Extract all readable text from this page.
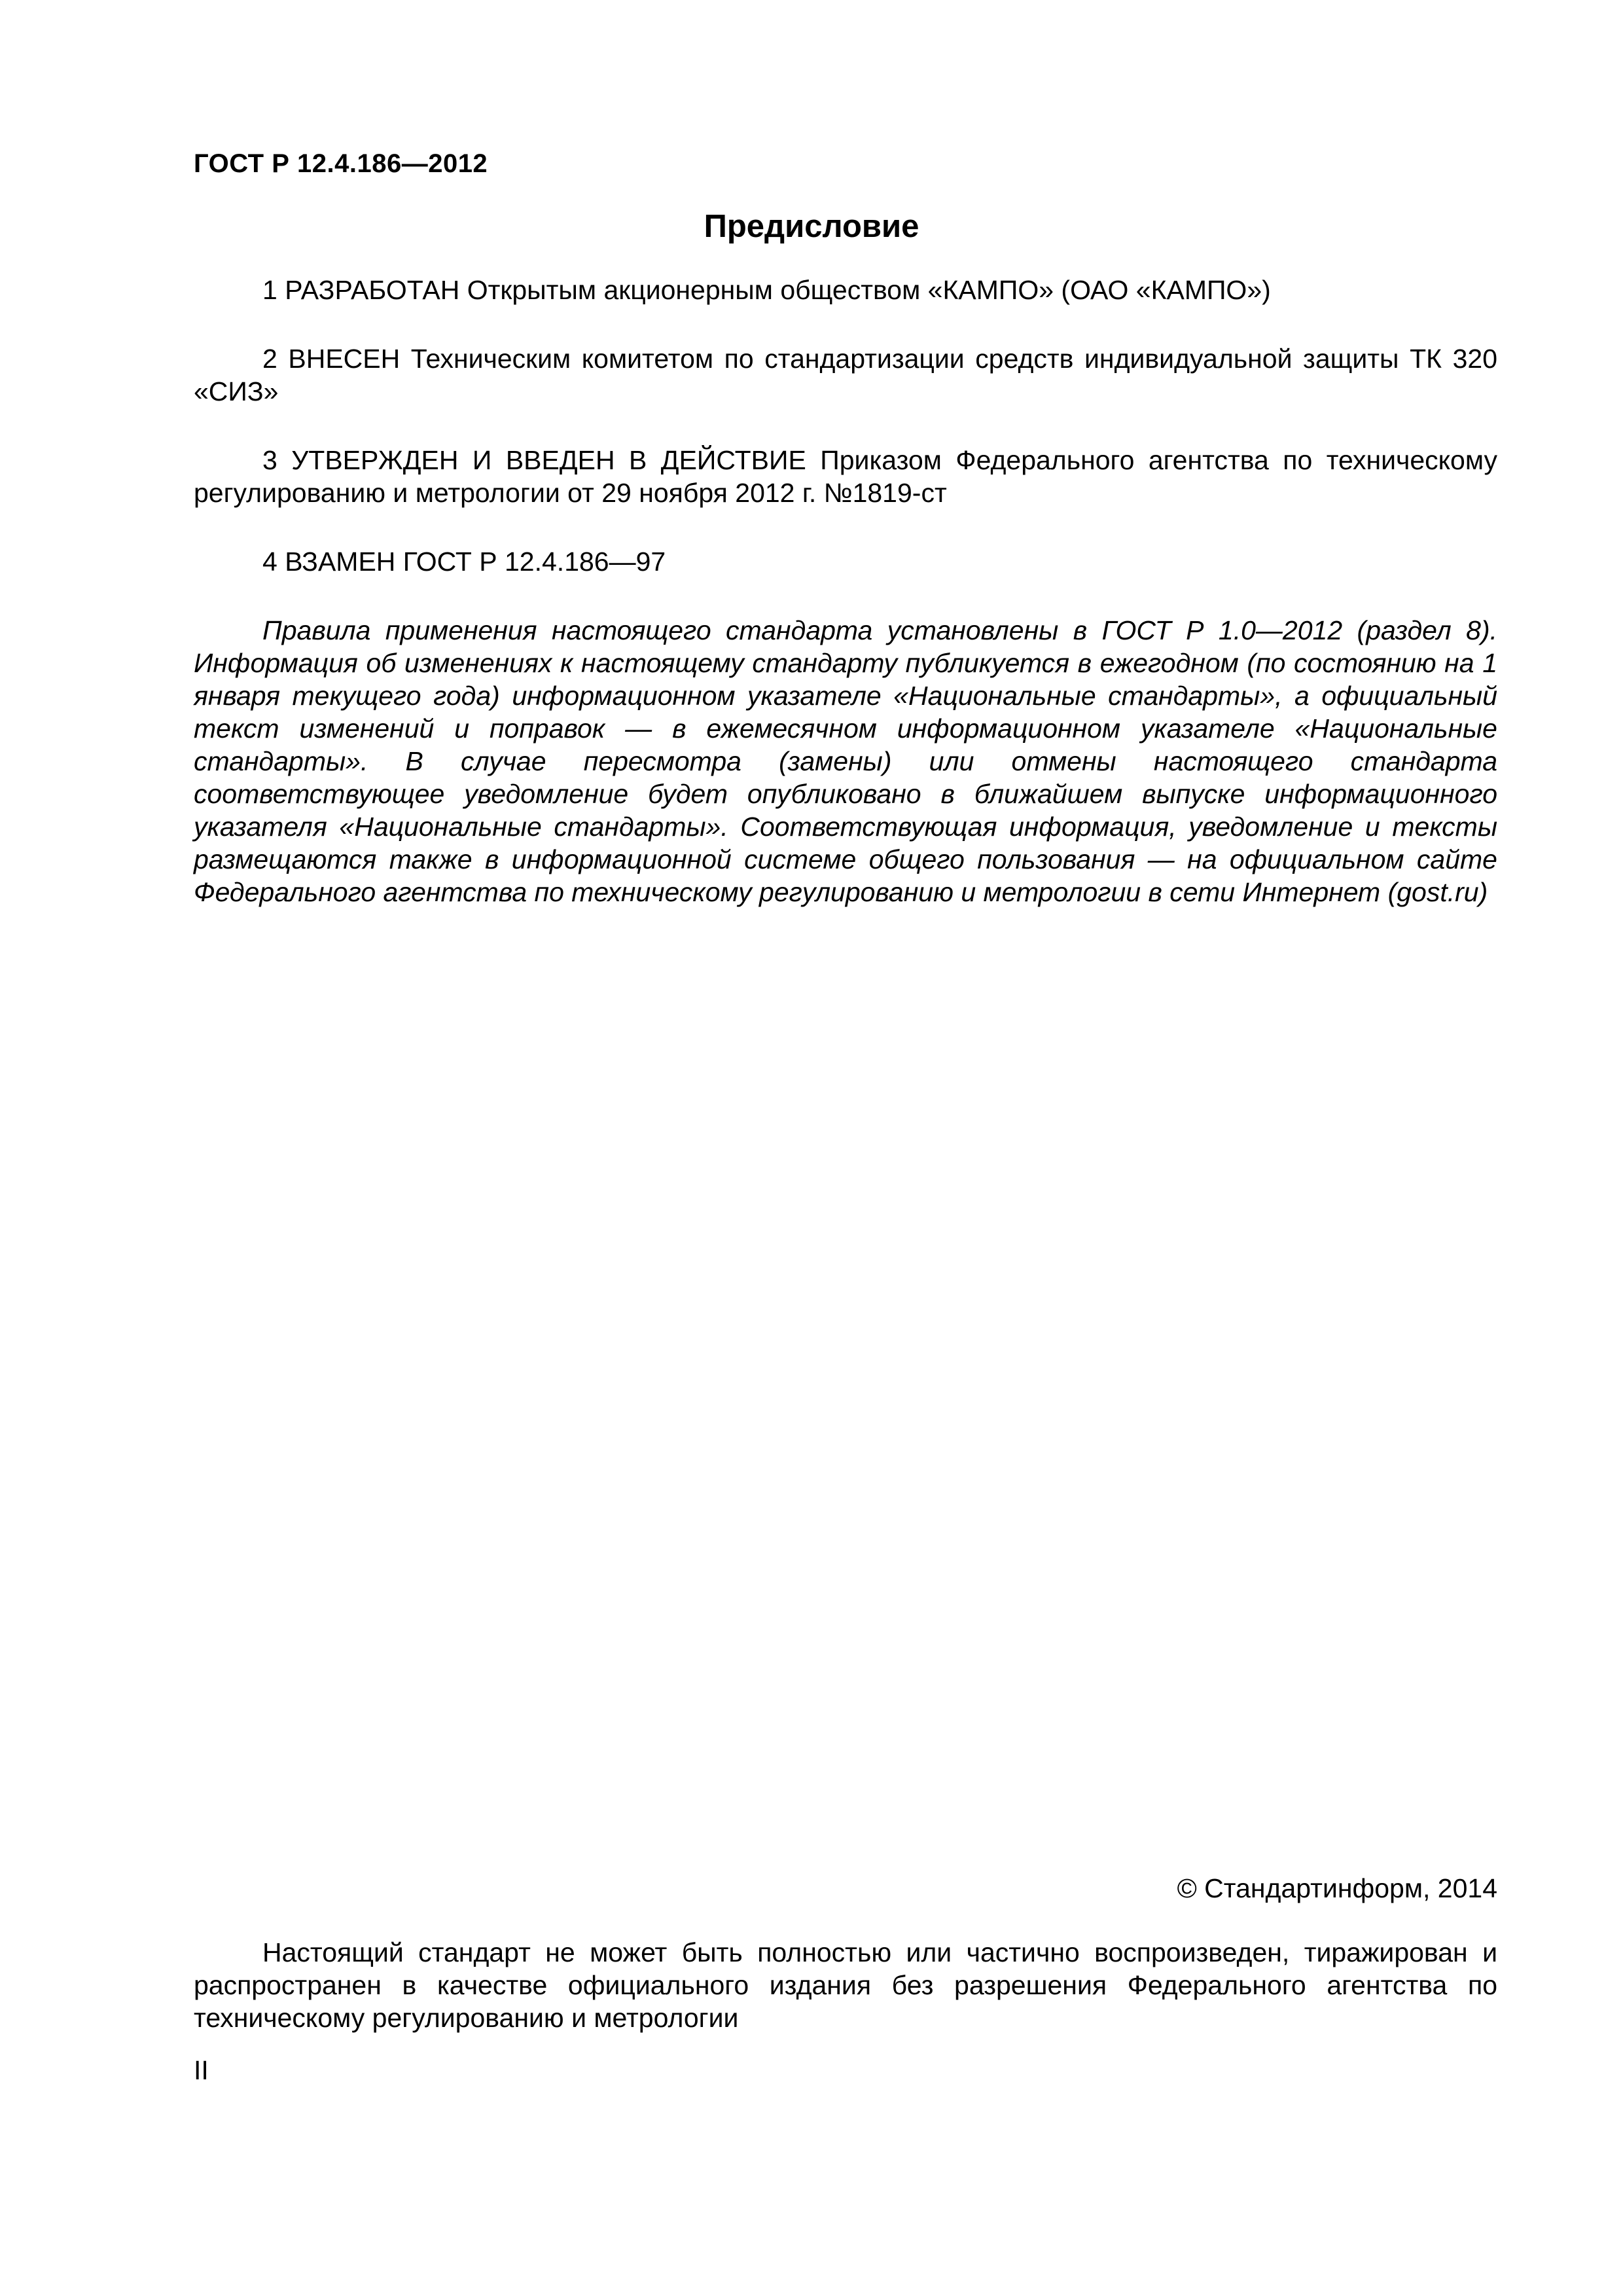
ГОСТ Р 12.4.186—2012

Предисловие

1 РАЗРАБОТАН Открытым акционерным обществом «КАМПО» (ОАО «КАМПО»)

2 ВНЕСЕН Техническим комитетом по стандартизации средств индивидуальной защиты ТК 320 «СИЗ»

3 УТВЕРЖДЕН И ВВЕДЕН В ДЕЙСТВИЕ Приказом Федерального агентства по техническому регулированию и метрологии от 29 ноября 2012 г. №1819-ст

4 ВЗАМЕН ГОСТ Р 12.4.186—97

Правила применения настоящего стандарта установлены в ГОСТ Р 1.0—2012 (раздел 8). Информация об изменениях к настоящему стандарту публикуется в ежегодном (по состоянию на 1 января текущего года) информационном указателе «Национальные стандарты», а официальный текст изменений и поправок — в ежемесячном информационном указателе «Национальные стандарты». В случае пересмотра (замены) или отмены настоящего стандарта соответствующее уведомление будет опубликовано в ближайшем выпуске информационного указателя «Национальные стандарты». Соответствующая информация, уведомление и тексты размещаются также в информационной системе общего пользования — на официальном сайте Федерального агентства по техническому регулированию и метрологии в сети Интернет (gost.ru)

© Стандартинформ, 2014

Настоящий стандарт не может быть полностью или частично воспроизведен, тиражирован и распространен в качестве официального издания без разрешения Федерального агентства по техническому регулированию и метрологии

II
